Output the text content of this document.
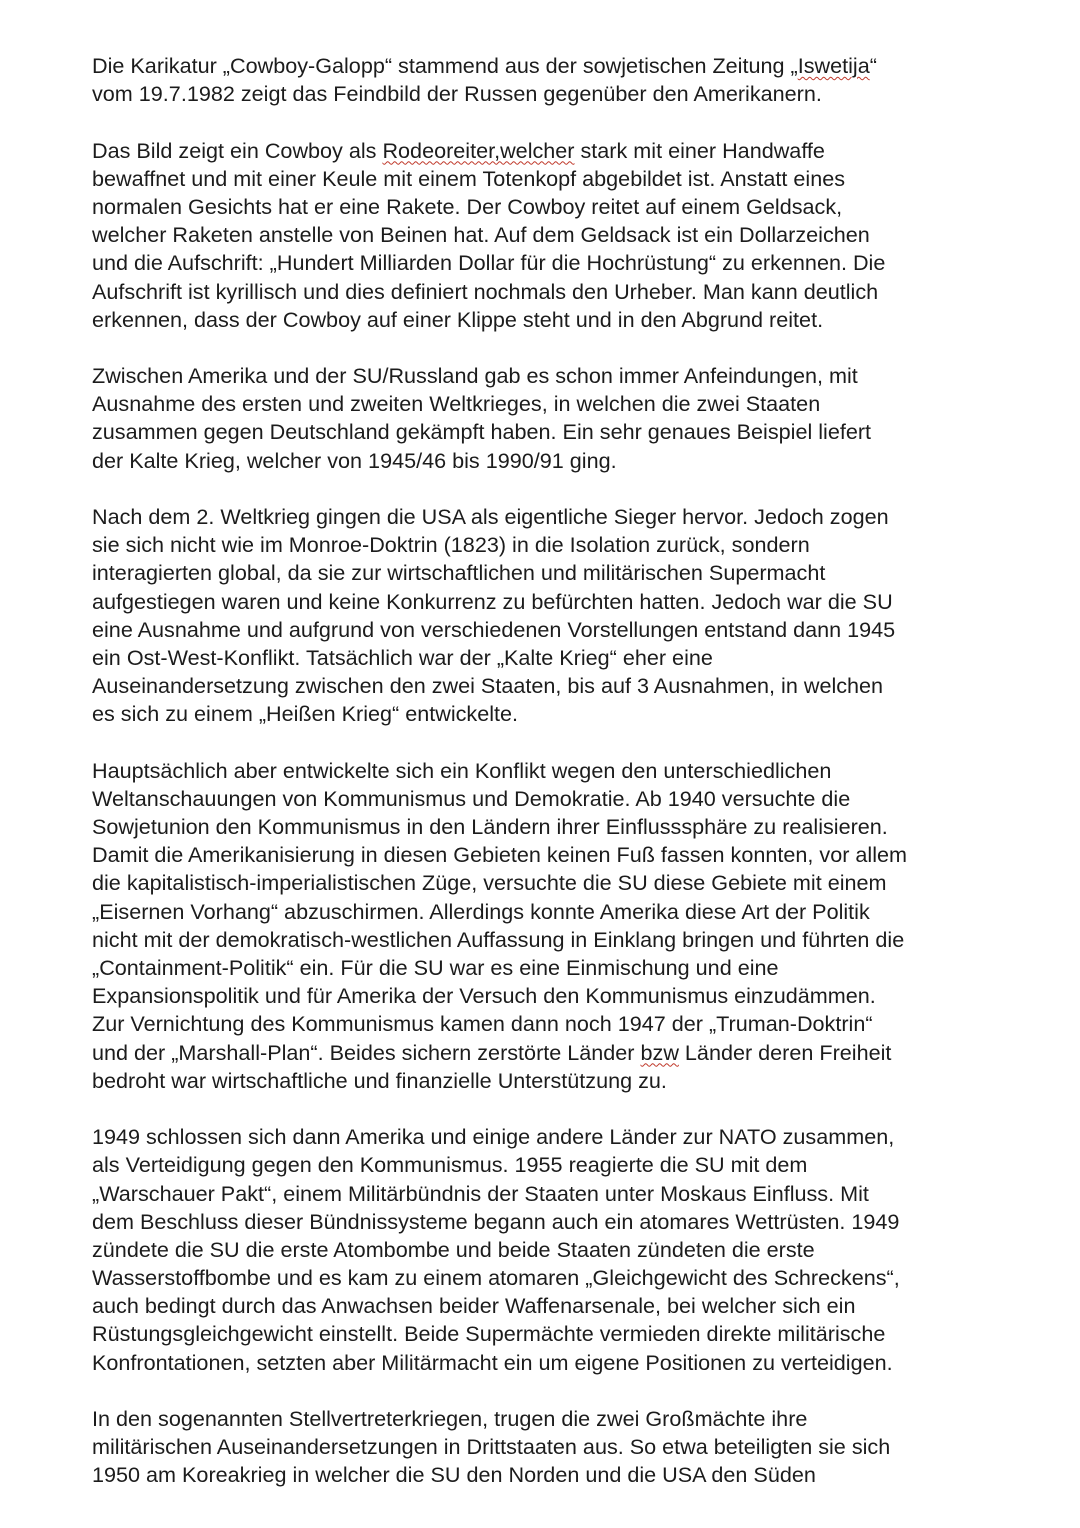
Die Karikatur „Cowboy-Galopp“ stammend aus der sowjetischen Zeitung „Iswetija“
vom 19.7.1982 zeigt das Feindbild der Russen gegenüber den Amerikanern.
Das Bild zeigt ein Cowboy als Rodeoreiter,welcher stark mit einer Handwaffe
bewaffnet und mit einer Keule mit einem Totenkopf abgebildet ist. Anstatt eines
normalen Gesichts hat er eine Rakete. Der Cowboy reitet auf einem Geldsack,
welcher Raketen anstelle von Beinen hat. Auf dem Geldsack ist ein Dollarzeichen
und die Aufschrift: „Hundert Milliarden Dollar für die Hochrüstung“ zu erkennen. Die
Aufschrift ist kyrillisch und dies definiert nochmals den Urheber. Man kann deutlich
erkennen, dass der Cowboy auf einer Klippe steht und in den Abgrund reitet.
Zwischen Amerika und der SU/Russland gab es schon immer Anfeindungen, mit
Ausnahme des ersten und zweiten Weltkrieges, in welchen die zwei Staaten
zusammen gegen Deutschland gekämpft haben. Ein sehr genaues Beispiel liefert
der Kalte Krieg, welcher von 1945/46 bis 1990/91 ging.
Nach dem 2. Weltkrieg gingen die USA als eigentliche Sieger hervor. Jedoch zogen
sie sich nicht wie im Monroe-Doktrin (1823) in die Isolation zurück, sondern
interagierten global, da sie zur wirtschaftlichen und militärischen Supermacht
aufgestiegen waren und keine Konkurrenz zu befürchten hatten. Jedoch war die SU
eine Ausnahme und aufgrund von verschiedenen Vorstellungen entstand dann 1945
ein Ost-West-Konflikt. Tatsächlich war der „Kalte Krieg“ eher eine
Auseinandersetzung zwischen den zwei Staaten, bis auf 3 Ausnahmen, in welchen
es sich zu einem „Heißen Krieg“ entwickelte.
Hauptsächlich aber entwickelte sich ein Konflikt wegen den unterschiedlichen
Weltanschauungen von Kommunismus und Demokratie. Ab 1940 versuchte die
Sowjetunion den Kommunismus in den Ländern ihrer Einflusssphäre zu realisieren.
Damit die Amerikanisierung in diesen Gebieten keinen Fuß fassen konnten, vor allem
die kapitalistisch-imperialistischen Züge, versuchte die SU diese Gebiete mit einem
„Eisernen Vorhang“ abzuschirmen. Allerdings konnte Amerika diese Art der Politik
nicht mit der demokratisch-westlichen Auffassung in Einklang bringen und führten die
„Containment-Politik“ ein. Für die SU war es eine Einmischung und eine
Expansionspolitik und für Amerika der Versuch den Kommunismus einzudämmen.
Zur Vernichtung des Kommunismus kamen dann noch 1947 der „Truman-Doktrin“
und der „Marshall-Plan“. Beides sichern zerstörte Länder bzw Länder deren Freiheit
bedroht war wirtschaftliche und finanzielle Unterstützung zu.
1949 schlossen sich dann Amerika und einige andere Länder zur NATO zusammen,
als Verteidigung gegen den Kommunismus. 1955 reagierte die SU mit dem
„Warschauer Pakt“, einem Militärbündnis der Staaten unter Moskaus Einfluss. Mit
dem Beschluss dieser Bündnissysteme begann auch ein atomares Wettrüsten. 1949
zündete die SU die erste Atombombe und beide Staaten zündeten die erste
Wasserstoffbombe und es kam zu einem atomaren „Gleichgewicht des Schreckens“,
auch bedingt durch das Anwachsen beider Waffenarsenale, bei welcher sich ein
Rüstungsgleichgewicht einstellt. Beide Supermächte vermieden direkte militärische
Konfrontationen, setzten aber Militärmacht ein um eigene Positionen zu verteidigen.
In den sogenannten Stellvertreterkriegen, trugen die zwei Großmächte ihre
militärischen Auseinandersetzungen in Drittstaaten aus. So etwa beteiligten sie sich
1950 am Koreakrieg in welcher die SU den Norden und die USA den Süden
